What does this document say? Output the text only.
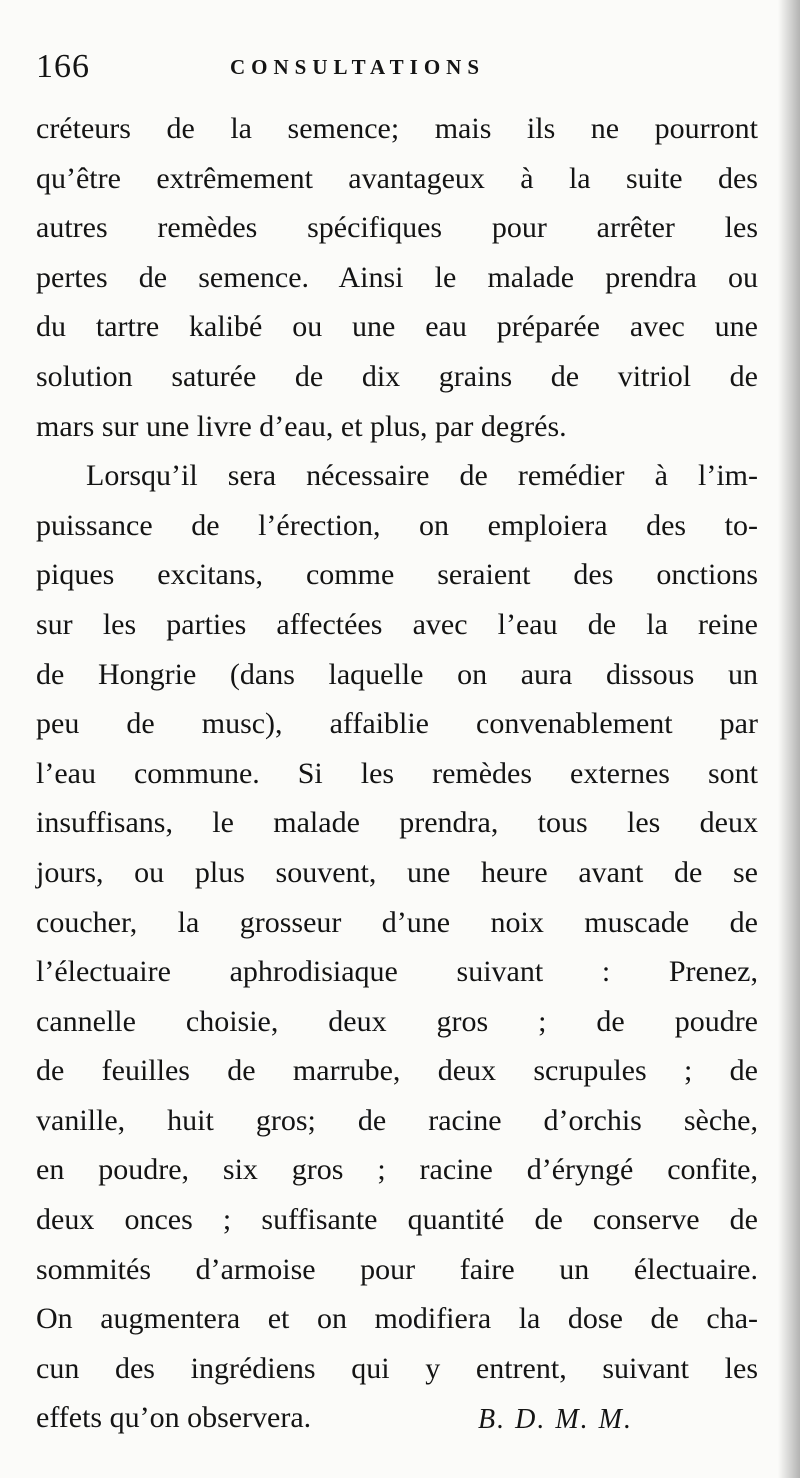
166	CONSULTATIONS
créteurs de la semence; mais ils ne pourront
qu’être extrêmement avantageux à la suite des
autres remèdes spécifiques pour arrêter les
pertes de semence. Ainsi le malade prendra ou
du tartre kalibé ou une eau préparée avec une
solution saturée de dix grains de vitriol de
mars sur une livre d’eau, et plus, par degrés.
Lorsqu’il sera nécessaire de remédier à l’im-
puissance de l’érection, on emploiera des to-
piques excitans, comme seraient des onctions
sur les parties affectées avec l’eau de la reine
de Hongrie (dans laquelle on aura dissous un
peu de musc), affaiblie convenablement par
l’eau commune. Si les remèdes externes sont
insuffisans, le malade prendra, tous les deux
jours, ou plus souvent, une heure avant de se
coucher, la grosseur d’une noix muscade de
l’électuaire aphrodisiaque suivant : Prenez,
cannelle choisie, deux gros ; de poudre
de feuilles de marrube, deux scrupules ; de
vanille, huit gros; de racine d’orchis sèche,
en poudre, six gros ; racine d’éryngé confite,
deux onces ; suffisante quantité de conserve de
sommités d’armoise pour faire un électuaire.
On augmentera et on modifiera la dose de cha-
cun des ingrédiens qui y entrent, suivant les
effets qu’on observera.	B. D. M. M.
